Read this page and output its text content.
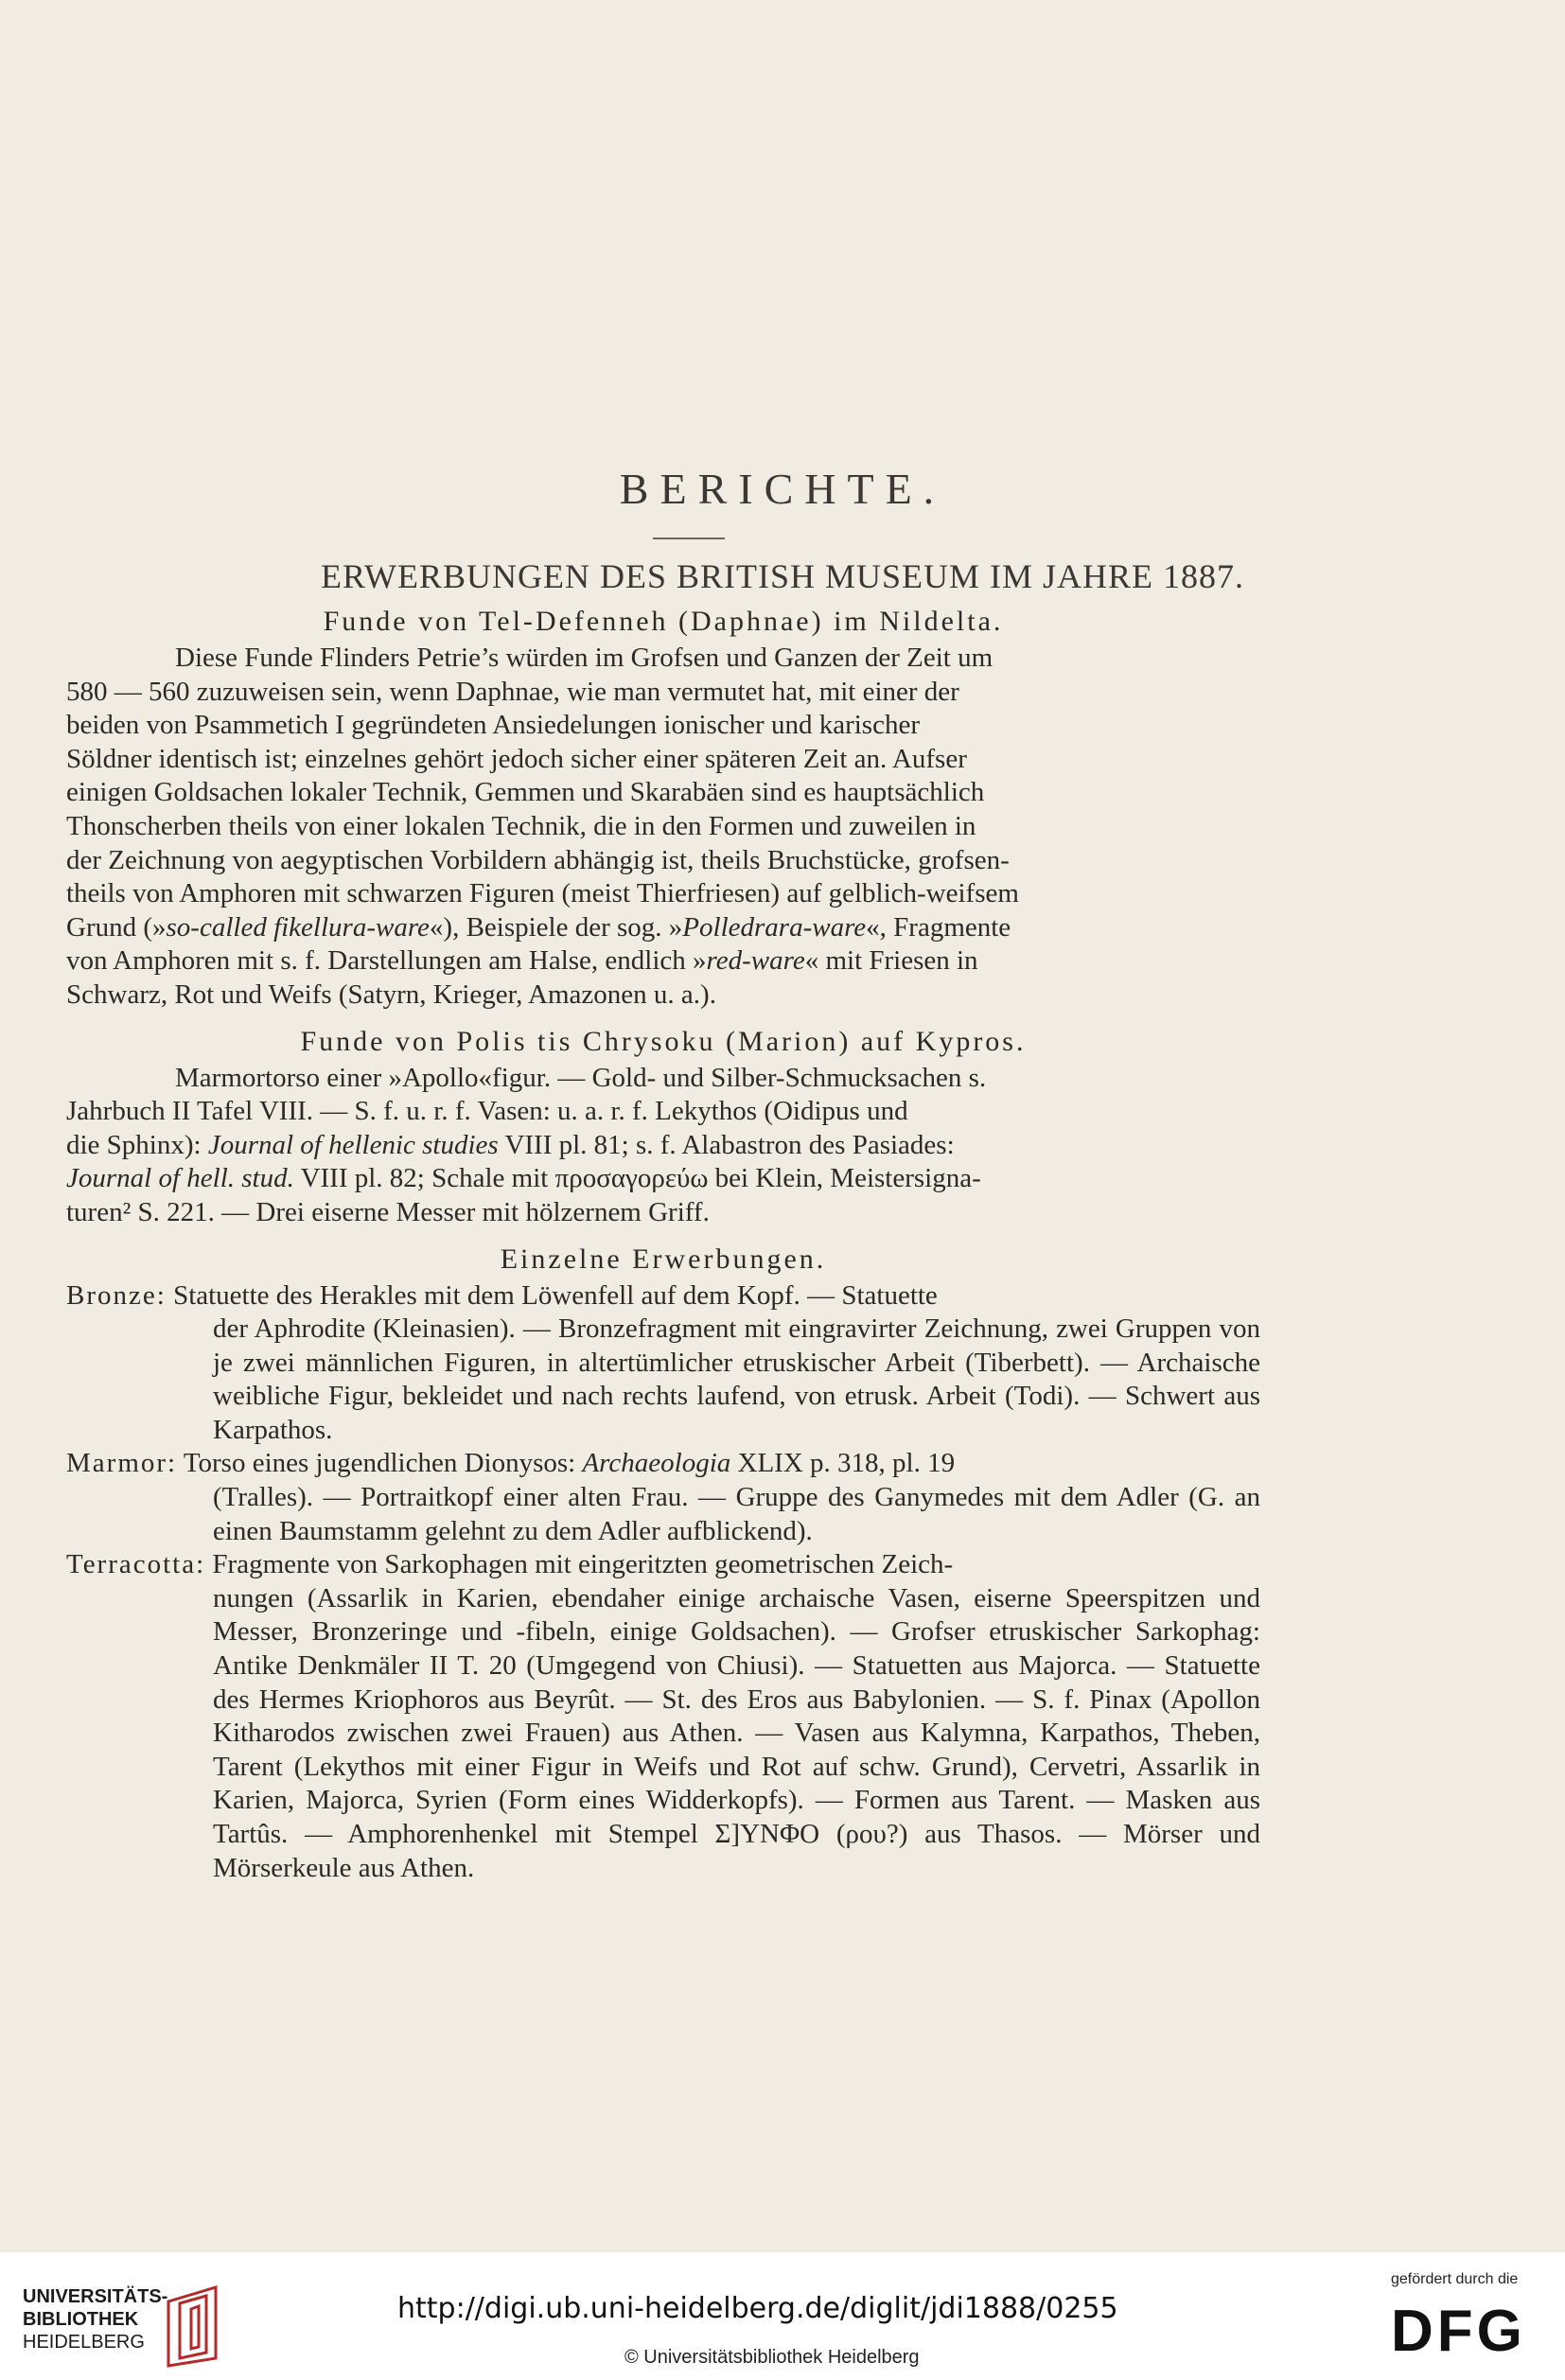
BERICHTE.
ERWERBUNGEN DES BRITISH MUSEUM IM JAHRE 1887.

Funde von Tel-Defenneh (Daphnae) im Nildelta.

Diese Funde Flinders Petrie’s würden im Grofsen und Ganzen der Zeit um

580 — 560 zuzuweisen sein, wenn Daphnae, wie man vermutet hat, mit einer der

beiden von Psammetich I gegründeten Ansiedelungen ionischer und karischer

Söldner identisch ist; einzelnes gehört jedoch sicher einer späteren Zeit an. Aufser

einigen Goldsachen lokaler Technik, Gemmen und Skarabäen sind es hauptsächlich

Thonscherben theils von einer lokalen Technik, die in den Formen und zuweilen in

der Zeichnung von aegyptischen Vorbildern abhängig ist, theils Bruchstücke, grofsen-

theils von Amphoren mit schwarzen Figuren (meist Thierfriesen) auf gelblich-weifsem

Grund (»so-called fikellura-ware«), Beispiele der sog. »Polledrara-ware«, Fragmente

von Amphoren mit s. f. Darstellungen am Halse, endlich »red-ware« mit Friesen in

Schwarz, Rot und Weifs (Satyrn, Krieger, Amazonen u. a.).

Funde von Polis tis Chrysoku (Marion) auf Kypros.

Marmortorso einer »Apollo«figur. — Gold- und Silber-Schmucksachen s.

Jahrbuch II Tafel VIII. — S. f. u. r. f. Vasen: u. a. r. f. Lekythos (Oidipus und

die Sphinx): Journal of hellenic studies VIII pl. 81; s. f. Alabastron des Pasiades:

Journal of hell. stud. VIII pl. 82; Schale mit προσαγορεύω bei Klein, Meistersigna-

turen² S. 221. — Drei eiserne Messer mit hölzernem Griff.

Einzelne Erwerbungen.

Bronze: Statuette des Herakles mit dem Löwenfell auf dem Kopf. — Statuette

der Aphrodite (Kleinasien). — Bronzefragment mit eingravirter Zeichnung, zwei Gruppen von je zwei männlichen Figuren, in altertümlicher etruskischer Arbeit (Tiberbett). — Archaische weibliche Figur, bekleidet und nach rechts laufend, von etrusk. Arbeit (Todi). — Schwert aus Karpathos.

Marmor: Torso eines jugendlichen Dionysos: Archaeologia XLIX p. 318, pl. 19

(Tralles). — Portraitkopf einer alten Frau. — Gruppe des Ganymedes mit dem Adler (G. an einen Baumstamm gelehnt zu dem Adler aufblickend).

Terracotta: Fragmente von Sarkophagen mit eingeritzten geometrischen Zeich-

nungen (Assarlik in Karien, ebendaher einige archaische Vasen, eiserne Speerspitzen und Messer, Bronzeringe und -fibeln, einige Goldsachen). — Grofser etruskischer Sarkophag: Antike Denkmäler II T. 20 (Umgegend von Chiusi). — Statuetten aus Majorca. — Statuette des Hermes Kriophoros aus Beyrût. — St. des Eros aus Babylonien. — S. f. Pinax (Apollon Kitharodos zwischen zwei Frauen) aus Athen. — Vasen aus Kalymna, Karpathos, Theben, Tarent (Lekythos mit einer Figur in Weifs und Rot auf schw. Grund), Cervetri, Assarlik in Karien, Majorca, Syrien (Form eines Widderkopfs). — Formen aus Tarent. — Masken aus Tartûs. — Amphorenhenkel mit Stempel Σ]ΥΝΦΟ (ρου?) aus Thasos. — Mörser und Mörserkeule aus Athen.
UNIVERSITÄTS-
BIBLIOTHEK
HEIDELBERG
http://digi.ub.uni-heidelberg.de/diglit/jdi1888/0255
© Universitätsbibliothek Heidelberg
gefördert durch die
DFG
